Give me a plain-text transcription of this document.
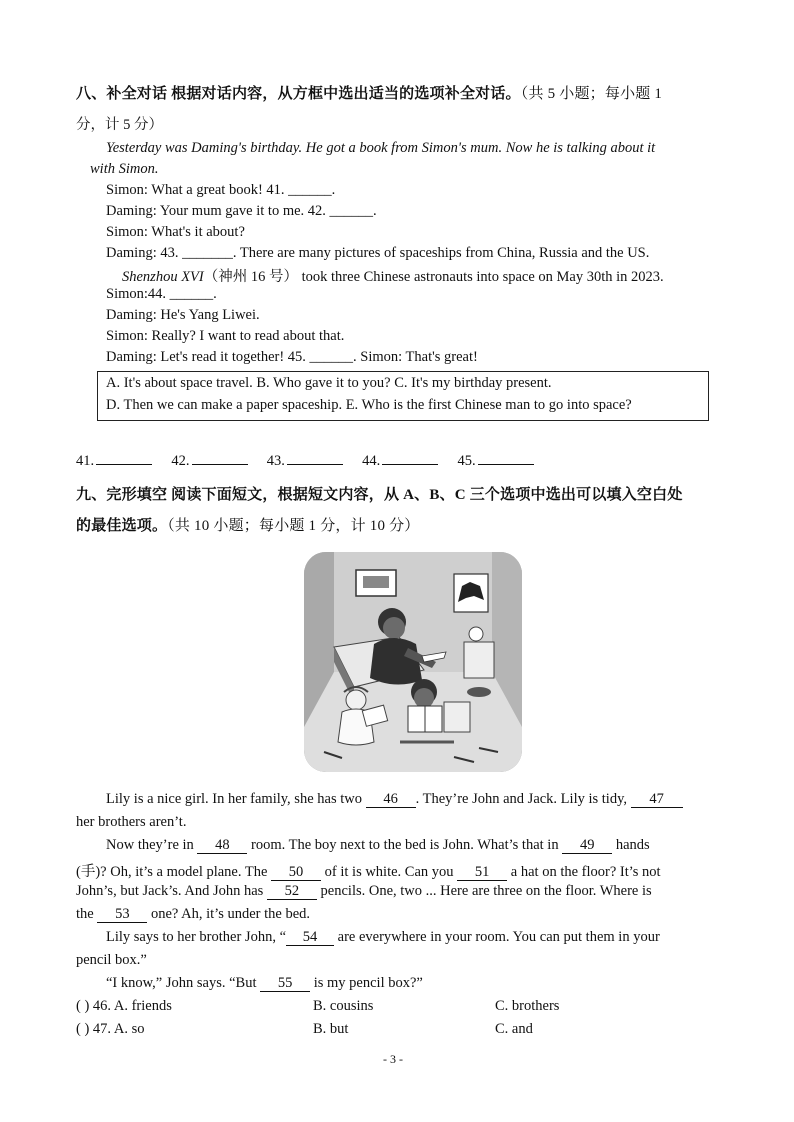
八、补全对话 根据对话内容，从方框中选出适当的选项补全对话。（共 5 小题；每小题 1
分，计 5 分）
Yesterday was Daming's birthday. He got a book from Simon's mum. Now he is talking about it
with Simon.
Simon: What a great book! 41. ______.
Daming: Your mum gave it to me. 42. ______.
Simon: What's it about?
Daming: 43. _______. There are many pictures of spaceships from China, Russia and the US.
Shenzhou XVI（神州 16 号） took three Chinese astronauts into space on May 30th in 2023.
Simon:44. ______.
Daming: He's Yang Liwei.
Simon: Really? I want to read about that.
Daming: Let's read it together! 45. ______. Simon: That's great!
A. It's about space travel. B. Who gave it to you? C. It's my birthday present.
D. Then we can make a paper spaceship. E. Who is the first Chinese man to go into space?
41.	42.	43.	44.	45.
九、完形填空 阅读下面短文，根据短文内容，从 A、B、C 三个选项中选出可以填入空白处
的最佳选项。（共 10 小题；每小题 1 分，计 10 分）
Lily is a nice girl. In her family, she has two 46 . They’re John and Jack. Lily is tidy, 47
her brothers aren’t.
Now they’re in 48 room. The boy next to the bed is John. What’s that in 49 hands
(手)? Oh, it’s a model plane. The 50 of it is white. Can you 51 a hat on the floor? It’s not
John’s, but Jack’s. And John has 52 pencils. One, two ... Here are three on the floor. Where is
the 53 one? Ah, it’s under the bed.
Lily says to her brother John, “ 54 are everywhere in your room. You can put them in your
pencil box.”
“I know,” John says. “But 55 is my pencil box?”
( ) 46. A. friends	B. cousins	C. brothers
( ) 47. A. so	B. but	C. and
- 3 -
